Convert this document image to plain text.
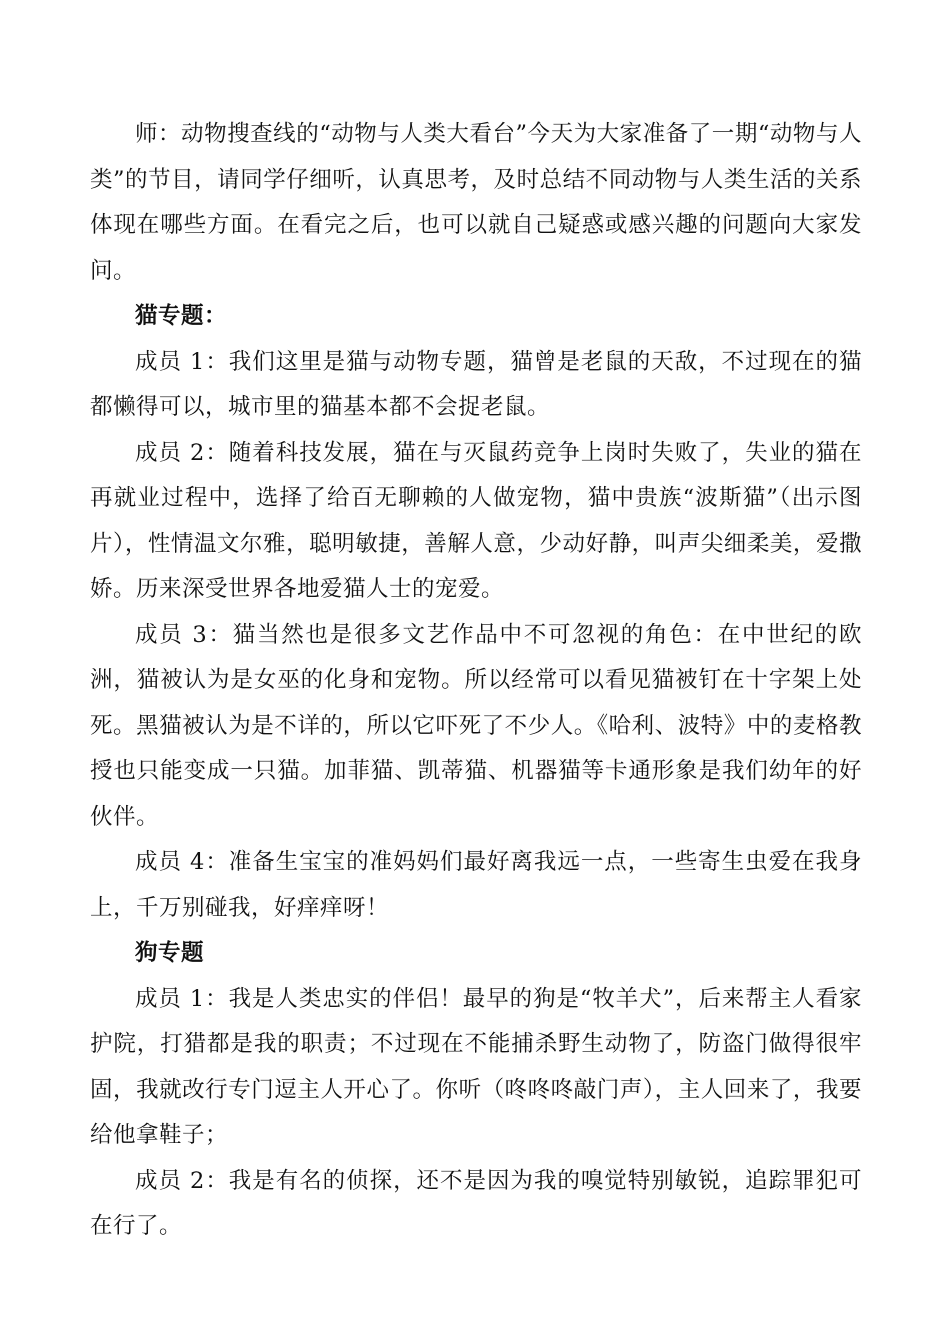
师：动物搜查线的“动物与人类大看台”今天为大家准备了一期“动物与人类”的节目，请同学仔细听，认真思考，及时总结不同动物与人类生活的关系体现在哪些方面。在看完之后，也可以就自己疑惑或感兴趣的问题向大家发问。

猫专题：

成员 1：我们这里是猫与动物专题，猫曾是老鼠的天敌，不过现在的猫都懒得可以，城市里的猫基本都不会捉老鼠。

成员 2：随着科技发展，猫在与灭鼠药竞争上岗时失败了，失业的猫在再就业过程中，选择了给百无聊赖的人做宠物，猫中贵族“波斯猫”（出示图片），性情温文尔雅，聪明敏捷，善解人意，少动好静，叫声尖细柔美，爱撒娇。历来深受世界各地爱猫人士的宠爱。

成员 3：猫当然也是很多文艺作品中不可忽视的角色：在中世纪的欧洲，猫被认为是女巫的化身和宠物。所以经常可以看见猫被钉在十字架上处死。黑猫被认为是不详的，所以它吓死了不少人。《哈利、波特》中的麦格教授也只能变成一只猫。加菲猫、凯蒂猫、机器猫等卡通形象是我们幼年的好伙伴。

成员 4：准备生宝宝的准妈妈们最好离我远一点，一些寄生虫爱在我身上，千万别碰我，好痒痒呀！

狗专题

成员 1：我是人类忠实的伴侣！最早的狗是“牧羊犬”，后来帮主人看家护院，打猎都是我的职责；不过现在不能捕杀野生动物了，防盗门做得很牢固，我就改行专门逗主人开心了。你听（咚咚咚敲门声），主人回来了，我要给他拿鞋子；

成员 2：我是有名的侦探，还不是因为我的嗅觉特别敏锐，追踪罪犯可在行了。
